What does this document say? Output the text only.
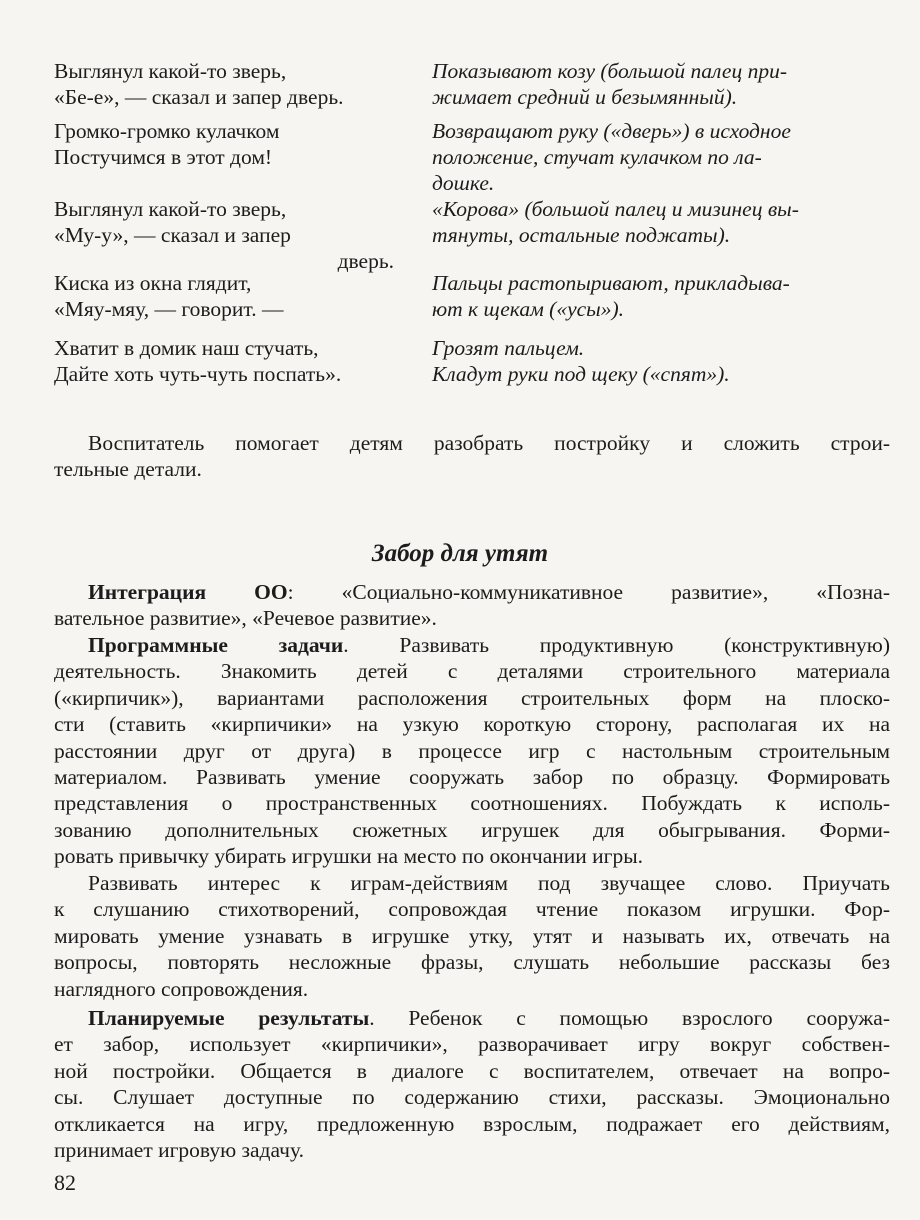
Выглянул какой-то зверь,
«Бе-е», — сказал и запер дверь.
Показывают козу (большой палец при-
жимает средний и безымянный).
Громко-громко кулачком
Постучимся в этот дом!
Возвращают руку («дверь») в исходное
положение, стучат кулачком по ла-
дошке.
Выглянул какой-то зверь,
«Му-у», — сказал и запер
дверь.
«Корова» (большой палец и мизинец вы-
тянуты, остальные поджаты).
Киска из окна глядит,
«Мяу-мяу, — говорит. —
Пальцы растопыривают, прикладыва-
ют к щекам («усы»).
Хватит в домик наш стучать,
Дайте хоть чуть-чуть поспать».
Грозят пальцем.
Кладут руки под щеку («спят»).
Воспитатель помогает детям разобрать постройку и сложить строи-
тельные детали.
Забор для утят
Интеграция ОО: «Социально-коммуникативное развитие», «Позна-
вательное развитие», «Речевое развитие».
Программные задачи. Развивать продуктивную (конструктивную)
деятельность. Знакомить детей с деталями строительного материала
(«кирпичик»), вариантами расположения строительных форм на плоско-
сти (ставить «кирпичики» на узкую короткую сторону, располагая их на
расстоянии друг от друга) в процессе игр с настольным строительным
материалом. Развивать умение сооружать забор по образцу. Формировать
представления о пространственных соотношениях. Побуждать к исполь-
зованию дополнительных сюжетных игрушек для обыгрывания. Форми-
ровать привычку убирать игрушки на место по окончании игры.
Развивать интерес к играм-действиям под звучащее слово. Приучать
к слушанию стихотворений, сопровождая чтение показом игрушки. Фор-
мировать умение узнавать в игрушке утку, утят и называть их, отвечать на
вопросы, повторять несложные фразы, слушать небольшие рассказы без
наглядного сопровождения.
Планируемые результаты. Ребенок с помощью взрослого сооружа-
ет забор, использует «кирпичики», разворачивает игру вокруг собствен-
ной постройки. Общается в диалоге с воспитателем, отвечает на вопро-
сы. Слушает доступные по содержанию стихи, рассказы. Эмоционально
откликается на игру, предложенную взрослым, подражает его действиям,
принимает игровую задачу.
82
